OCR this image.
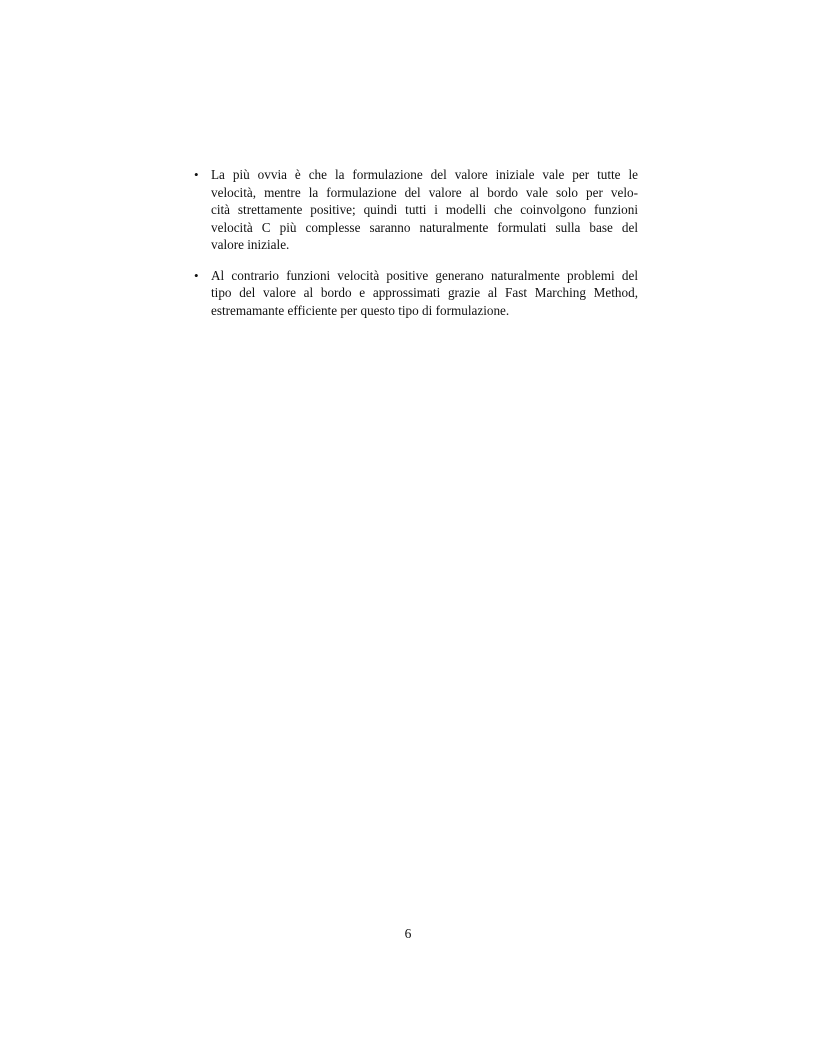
• La più ovvia è che la formulazione del valore iniziale vale per tutte le
velocità, mentre la formulazione del valore al bordo vale solo per velo-
cità strettamente positive; quindi tutti i modelli che coinvolgono funzioni
velocità C più complesse saranno naturalmente formulati sulla base del
valore iniziale.
• Al contrario funzioni velocità positive generano naturalmente problemi del
tipo del valore al bordo e approssimati grazie al Fast Marching Method,
estremamante efficiente per questo tipo di formulazione.
6
